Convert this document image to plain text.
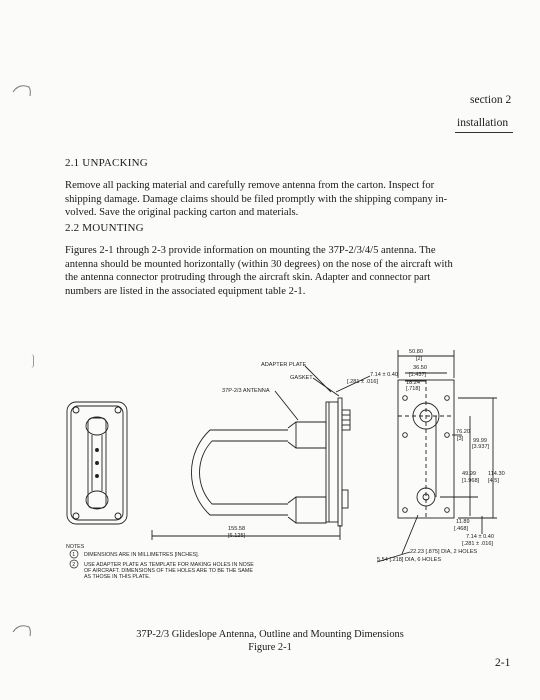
section 2
installation
2.1 UNPACKING
Remove all packing material and carefully remove antenna from the carton. Inspect for
shipping damage. Damage claims should be filed promptly with the shipping company in-
volved. Save the original packing carton and materials.
2.2 MOUNTING
Figures 2-1 through 2-3 provide information on mounting the 37P-2/3/4/5 antenna. The
antenna should be mounted horizontally (within 30 degrees) on the nose of the aircraft with
the antenna connector protruding through the aircraft skin. Adapter and connector part
numbers are listed in the associated equipment table 2-1.
ADAPTER PLATE
GASKET
37P-2/3 ANTENNA
155.58
[6.125]
50.80
[2]
36.50
[1.437]
18.24
[.718]
7.14 ± 0.40
[.281 ± .016]
76.20
[3] 99.99
[3.937]
49.99
[1.968]
114.30
[4.5]
11.89
[.468]
7.14 ± 0.40
[.281 ± .016]
22.23 [.875] DIA, 2 HOLES
5.54 [.218] DIA, 6 HOLES
NOTES
1 DIMENSIONS ARE IN MILLIMETRES [INCHES].
2 USE ADAPTER PLATE AS TEMPLATE FOR MAKING HOLES IN NOSE
OF AIRCRAFT. DIMENSIONS OF THE HOLES ARE TO BE THE SAME
AS THOSE IN THIS PLATE.
37P-2/3 Glideslope Antenna, Outline and Mounting Dimensions
Figure 2-1
2-1
